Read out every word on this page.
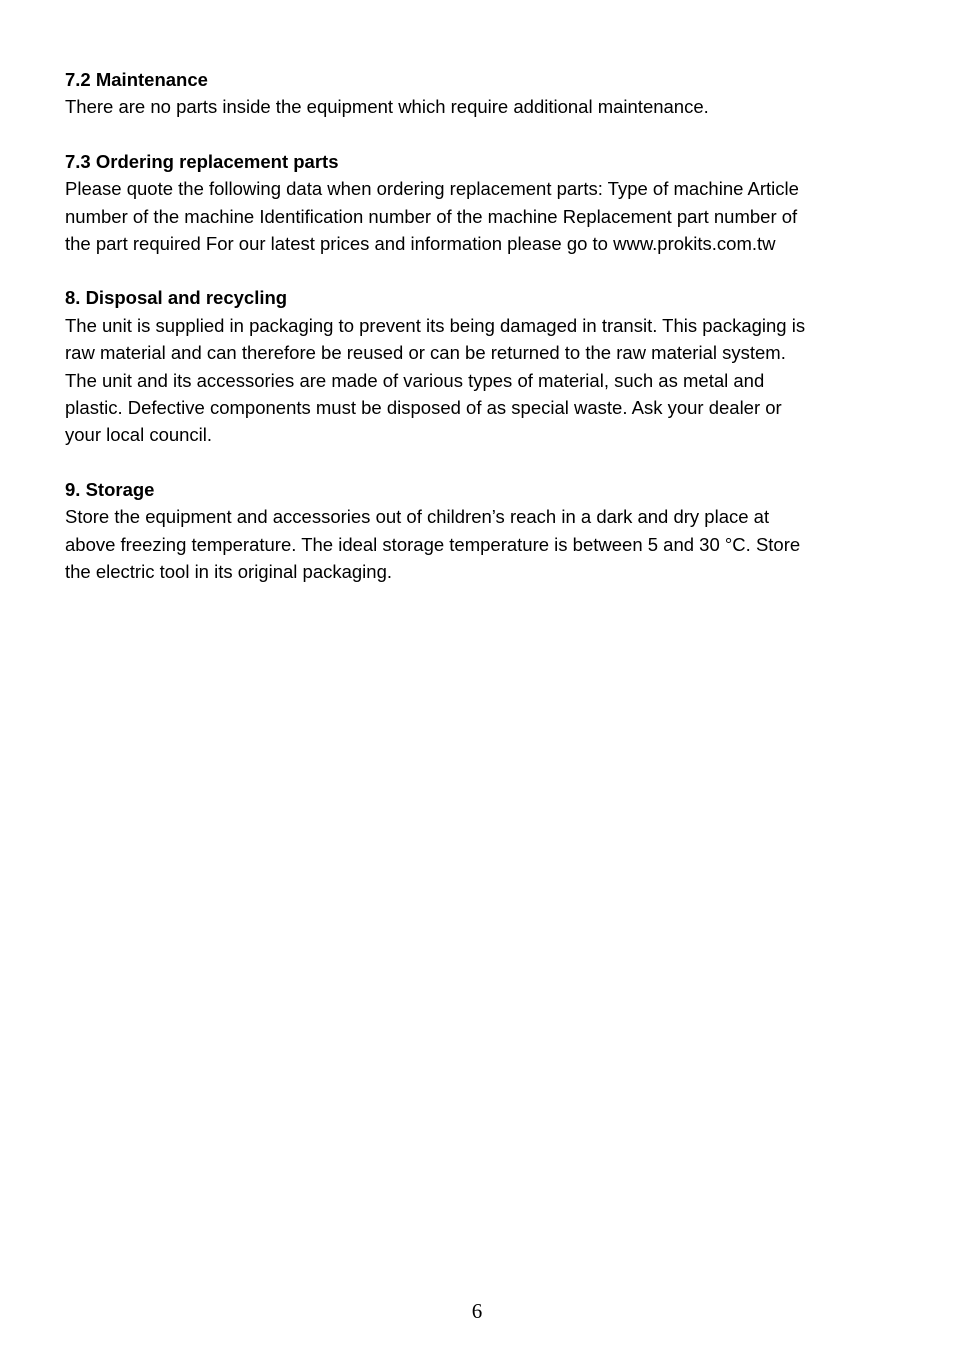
7.2 Maintenance
There are no parts inside the equipment which require additional maintenance.
7.3 Ordering replacement parts
Please quote the following data when ordering replacement parts: Type of machine Article
number of the machine Identification number of the machine Replacement part number of
the part required For our latest prices and information please go to www.prokits.com.tw
8. Disposal and recycling
The unit is supplied in packaging to prevent its being damaged in transit. This packaging is
raw material and can therefore be reused or can be returned to the raw material system.
The unit and its accessories are made of various types of material, such as metal and
plastic. Defective components must be disposed of as special waste. Ask your dealer or
your local council.
9. Storage
Store the equipment and accessories out of children’s reach in a dark and dry place at
above freezing temperature. The ideal storage temperature is between 5 and 30 °C. Store
the electric tool in its original packaging.
6
